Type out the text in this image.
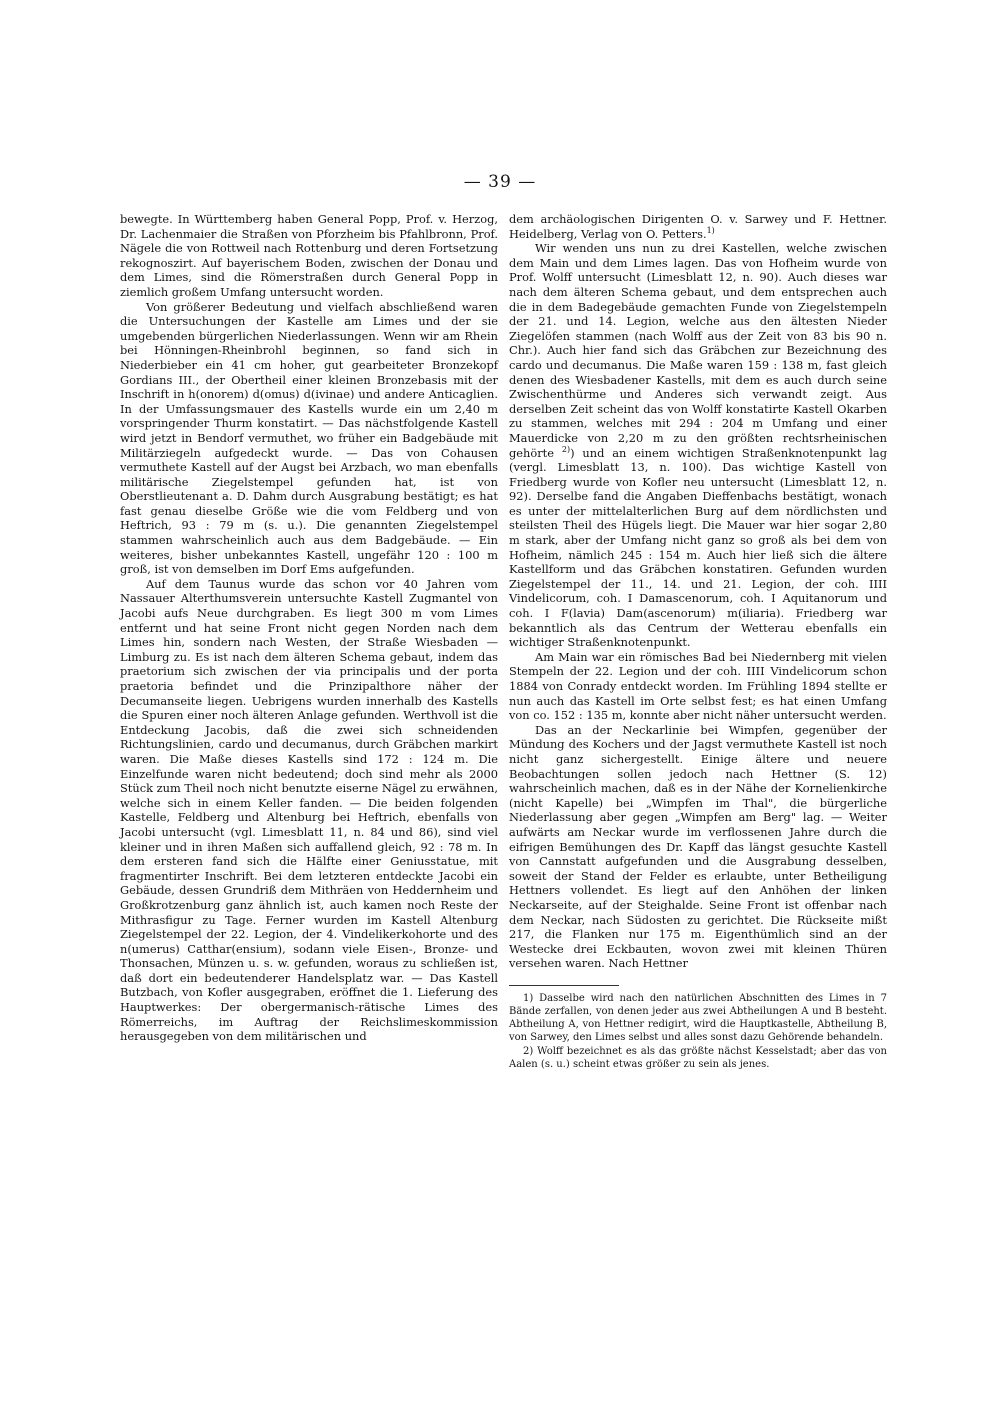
— 39 —

bewegte. In Württemberg haben General Popp, Prof. v. Herzog, Dr. Lachenmaier die Straßen von Pforzheim bis Pfahlbronn, Prof. Nägele die von Rottweil nach Rottenburg und deren Fortsetzung rekognoszirt. Auf bayerischem Boden, zwischen der Donau und dem Limes, sind die Römerstraßen durch General Popp in ziemlich großem Umfang untersucht worden.

Von größerer Bedeutung und vielfach abschließend waren die Untersuchungen der Kastelle am Limes und der sie umgebenden bürgerlichen Niederlassungen. Wenn wir am Rhein bei Hönningen-Rheinbrohl beginnen, so fand sich in Niederbieber ein 41 cm hoher, gut gearbeiteter Bronzekopf Gordians III., der Obertheil einer kleinen Bronzebasis mit der Inschrift in h(onorem) d(omus) d(ivinae) und andere Anticaglien. In der Umfassungsmauer des Kastells wurde ein um 2,40 m vorspringender Thurm konstatirt. — Das nächstfolgende Kastell wird jetzt in Bendorf vermuthet, wo früher ein Badgebäude mit Militärziegeln aufgedeckt wurde. — Das von Cohausen vermuthete Kastell auf der Augst bei Arzbach, wo man ebenfalls militärische Ziegelstempel gefunden hat, ist von Oberstlieutenant a. D. Dahm durch Ausgrabung bestätigt; es hat fast genau dieselbe Größe wie die vom Feldberg und von Heftrich, 93 : 79 m (s. u.). Die genannten Ziegelstempel stammen wahrscheinlich auch aus dem Badgebäude. — Ein weiteres, bisher unbekanntes Kastell, ungefähr 120 : 100 m groß, ist von demselben im Dorf Ems aufgefunden.

Auf dem Taunus wurde das schon vor 40 Jahren vom Nassauer Alterthumsverein untersuchte Kastell Zugmantel von Jacobi aufs Neue durchgraben. Es liegt 300 m vom Limes entfernt und hat seine Front nicht gegen Norden nach dem Limes hin, sondern nach Westen, der Straße Wiesbaden — Limburg zu. Es ist nach dem älteren Schema gebaut, indem das praetorium sich zwischen der via principalis und der porta praetoria befindet und die Prinzipalthore näher der Decumanseite liegen. Uebrigens wurden innerhalb des Kastells die Spuren einer noch älteren Anlage gefunden. Werthvoll ist die Entdeckung Jacobis, daß die zwei sich schneidenden Richtungslinien, cardo und decumanus, durch Gräbchen markirt waren. Die Maße dieses Kastells sind 172 : 124 m. Die Einzelfunde waren nicht bedeutend; doch sind mehr als 2000 Stück zum Theil noch nicht benutzte eiserne Nägel zu erwähnen, welche sich in einem Keller fanden. — Die beiden folgenden Kastelle, Feldberg und Altenburg bei Heftrich, ebenfalls von Jacobi untersucht (vgl. Limesblatt 11, n. 84 und 86), sind viel kleiner und in ihren Maßen sich auffallend gleich, 92 : 78 m. In dem ersteren fand sich die Hälfte einer Geniusstatue, mit fragmentirter Inschrift. Bei dem letzteren entdeckte Jacobi ein Gebäude, dessen Grundriß dem Mithräen von Heddernheim und Großkrotzenburg ganz ähnlich ist, auch kamen noch Reste der Mithrasfigur zu Tage. Ferner wurden im Kastell Altenburg Ziegelstempel der 22. Legion, der 4. Vindelikerkohorte und des n(umerus) Catthar(ensium), sodann viele Eisen-, Bronze- und Thonsachen, Münzen u. s. w. gefunden, woraus zu schließen ist, daß dort ein bedeutenderer Handelsplatz war. — Das Kastell Butzbach, von Kofler ausgegraben, eröffnet die 1. Lieferung des Hauptwerkes: Der obergermanisch-rätische Limes des Römerreichs, im Auftrag der Reichslimeskommission herausgegeben von dem militärischen und

dem archäologischen Dirigenten O. v. Sarwey und F. Hettner. Heidelberg, Verlag von O. Petters.$^{1)}$

Wir wenden uns nun zu drei Kastellen, welche zwischen dem Main und dem Limes lagen. Das von Hofheim wurde von Prof. Wolff untersucht (Limesblatt 12, n. 90). Auch dieses war nach dem älteren Schema gebaut, und dem entsprechen auch die in dem Badegebäude gemachten Funde von Ziegelstempeln der 21. und 14. Legion, welche aus den ältesten Nieder Ziegelöfen stammen (nach Wolff aus der Zeit von 83 bis 90 n. Chr.). Auch hier fand sich das Gräbchen zur Bezeichnung des cardo und decumanus. Die Maße waren 159 : 138 m, fast gleich denen des Wiesbadener Kastells, mit dem es auch durch seine Zwischenthürme und Anderes sich verwandt zeigt. Aus derselben Zeit scheint das von Wolff konstatirte Kastell Okarben zu stammen, welches mit 294 : 204 m Umfang und einer Mauerdicke von 2,20 m zu den größten rechtsrheinischen gehörte $^{2)}$) und an einem wichtigen Straßenknotenpunkt lag (vergl. Limesblatt 13, n. 100). Das wichtige Kastell von Friedberg wurde von Kofler neu untersucht (Limesblatt 12, n. 92). Derselbe fand die Angaben Dieffenbachs bestätigt, wonach es unter der mittelalterlichen Burg auf dem nördlichsten und steilsten Theil des Hügels liegt. Die Mauer war hier sogar 2,80 m stark, aber der Umfang nicht ganz so groß als bei dem von Hofheim, nämlich 245 : 154 m. Auch hier ließ sich die ältere Kastellform und das Gräbchen konstatiren. Gefunden wurden Ziegelstempel der 11., 14. und 21. Legion, der coh. IIII Vindelicorum, coh. I Damascenorum, coh. I Aquitanorum und coh. I F(lavia) Dam(ascenorum) m(iliaria). Friedberg war bekanntlich als das Centrum der Wetterau ebenfalls ein wichtiger Straßenknotenpunkt.

Am Main war ein römisches Bad bei Niedernberg mit vielen Stempeln der 22. Legion und der coh. IIII Vindelicorum schon 1884 von Conrady entdeckt worden. Im Frühling 1894 stellte er nun auch das Kastell im Orte selbst fest; es hat einen Umfang von co. 152 : 135 m, konnte aber nicht näher untersucht werden.

Das an der Neckarlinie bei Wimpfen, gegenüber der Mündung des Kochers und der Jagst vermuthete Kastell ist noch nicht ganz sichergestellt. Einige ältere und neuere Beobachtungen sollen jedoch nach Hettner (S. 12) wahrscheinlich machen, daß es in der Nähe der Kornelienkirche (nicht Kapelle) bei „Wimpfen im Thal", die bürgerliche Niederlassung aber gegen „Wimpfen am Berg" lag. — Weiter aufwärts am Neckar wurde im verflossenen Jahre durch die eifrigen Bemühungen des Dr. Kapff das längst gesuchte Kastell von Cannstatt aufgefunden und die Ausgrabung desselben, soweit der Stand der Felder es erlaubte, unter Betheiligung Hettners vollendet. Es liegt auf den Anhöhen der linken Neckarseite, auf der Steighalde. Seine Front ist offenbar nach dem Neckar, nach Südosten zu gerichtet. Die Rückseite mißt 217, die Flanken nur 175 m. Eigenthümlich sind an der Westecke drei Eckbauten, wovon zwei mit kleinen Thüren versehen waren. Nach Hettner

1) Dasselbe wird nach den natürlichen Abschnitten des Limes in 7 Bände zerfallen, von denen jeder aus zwei Abtheilungen A und B besteht. Abtheilung A, von Hettner redigirt, wird die Hauptkastelle, Abtheilung B, von Sarwey, den Limes selbst und alles sonst dazu Gehörende behandeln.

2) Wolff bezeichnet es als das größte nächst Kesselstadt; aber das von Aalen (s. u.) scheint etwas größer zu sein als jenes.
